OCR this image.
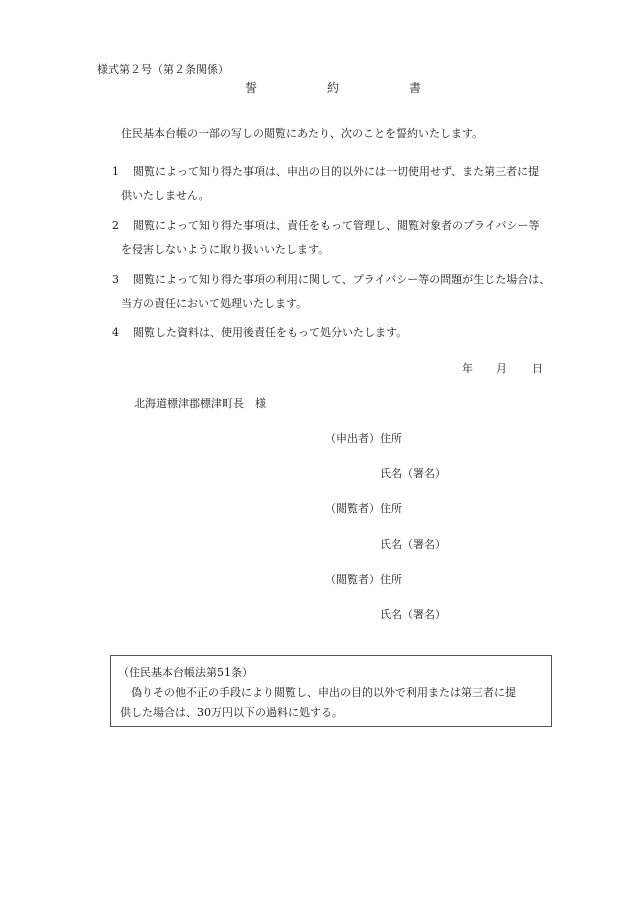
様式第２号（第２条関係）
誓	約	書
住民基本台帳の一部の写しの閲覧にあたり、次のことを誓約いたします。
1	閲覧によって知り得た事項は、申出の目的以外には一切使用せず、また第三者に提
供いたしません。
2	閲覧によって知り得た事項は、責任をもって管理し、閲覧対象者のプライバシー等
を侵害しないように取り扱いいたします。
3	閲覧によって知り得た事項の利用に関して、プライバシー等の問題が生じた場合は、
当方の責任において処理いたします。
4	閲覧した資料は、使用後責任をもって処分いたします。
年 月 日
北海道標津郡標津町長　様
（申出者） 住所
氏名（署名）
（閲覧者） 住所
氏名（署名）
（閲覧者） 住所
氏名（署名）
（住民基本台帳法第51条）
偽りその他不正の手段により閲覧し、申出の目的以外で利用または第三者に提
供した場合は、30万円以下の過料に処する。
